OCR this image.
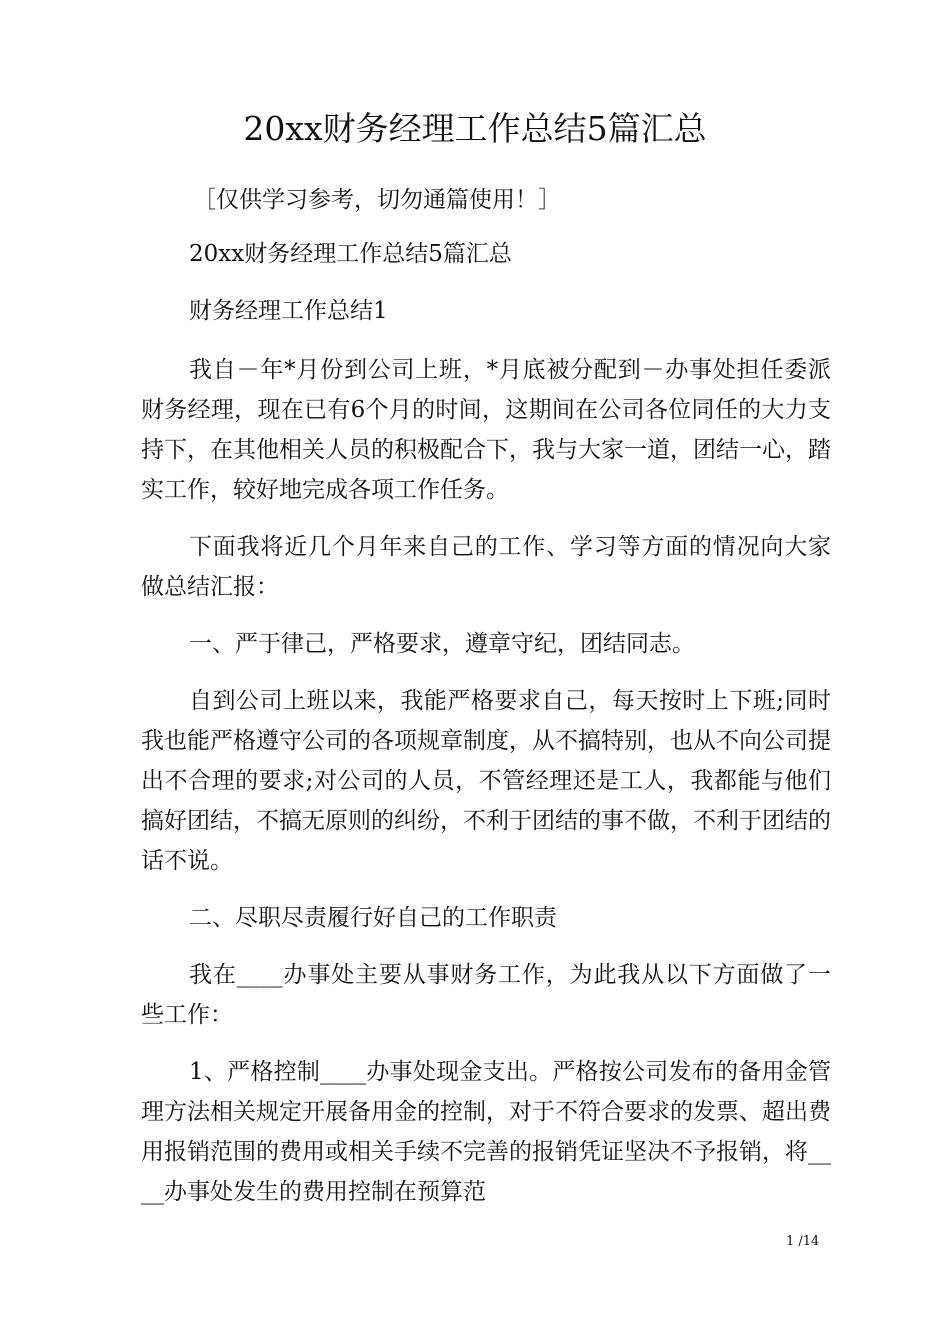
20xx财务经理工作总结5篇汇总

［仅供学习参考，切勿通篇使用！］

20xx财务经理工作总结5篇汇总

财务经理工作总结1

我自－年*月份到公司上班，*月底被分配到－办事处担任委派财务经理，现在已有6个月的时间，这期间在公司各位同任的大力支持下，在其他相关人员的积极配合下，我与大家一道，团结一心，踏实工作，较好地完成各项工作任务。

下面我将近几个月年来自己的工作、学习等方面的情况向大家做总结汇报：

一、严于律己，严格要求，遵章守纪，团结同志。

自到公司上班以来，我能严格要求自己，每天按时上下班;同时我也能严格遵守公司的各项规章制度，从不搞特别，也从不向公司提出不合理的要求;对公司的人员，不管经理还是工人，我都能与他们搞好团结，不搞无原则的纠纷，不利于团结的事不做，不利于团结的话不说。

二、尽职尽责履行好自己的工作职责

我在____办事处主要从事财务工作，为此我从以下方面做了一些工作：

1、严格控制____办事处现金支出。严格按公司发布的备用金管理方法相关规定开展备用金的控制，对于不符合要求的发票、超出费用报销范围的费用或相关手续不完善的报销凭证坚决不予报销，将____办事处发生的费用控制在预算范

1 /14
